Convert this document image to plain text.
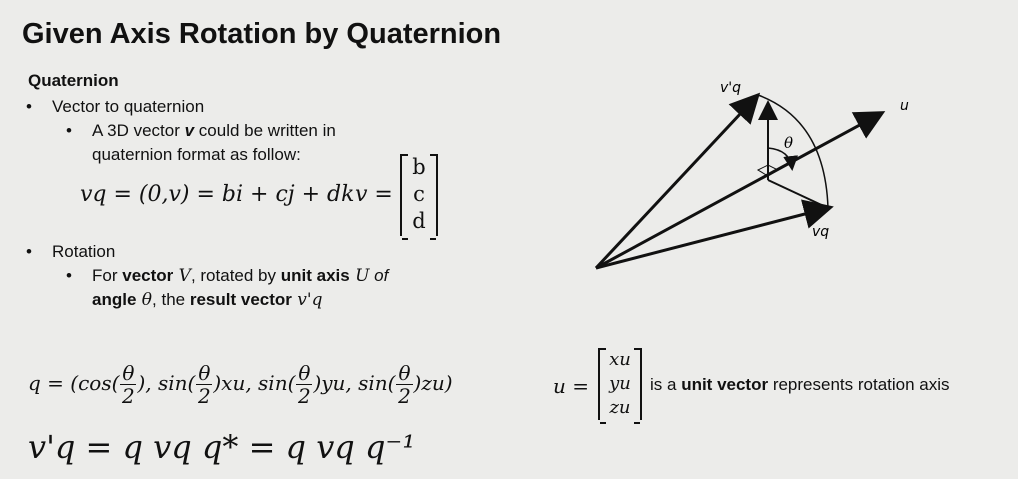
Given Axis Rotation by Quaternion
Quaternion
• Vector to quaternion
• A 3D vector v could be written in
quaternion format as follow:
vq = (0,v) = bi + cj + dk v =
b
c
d
• Rotation
• For vector V, rotated by unit axis U of
angle θ, the result vector v'q
$q = (\cos( \frac{\theta}{2}$ ), $\sin( \frac{\theta}{2} )xu$, $\sin( \frac{\theta}{2} )yu$, $\sin( \frac{\theta}{2} )zu$)	u =
xu
yu
zu
is a unit vector represents rotation axis
v'q = q vq q* = q vq q⁻¹
v'q
u
θ
vq
